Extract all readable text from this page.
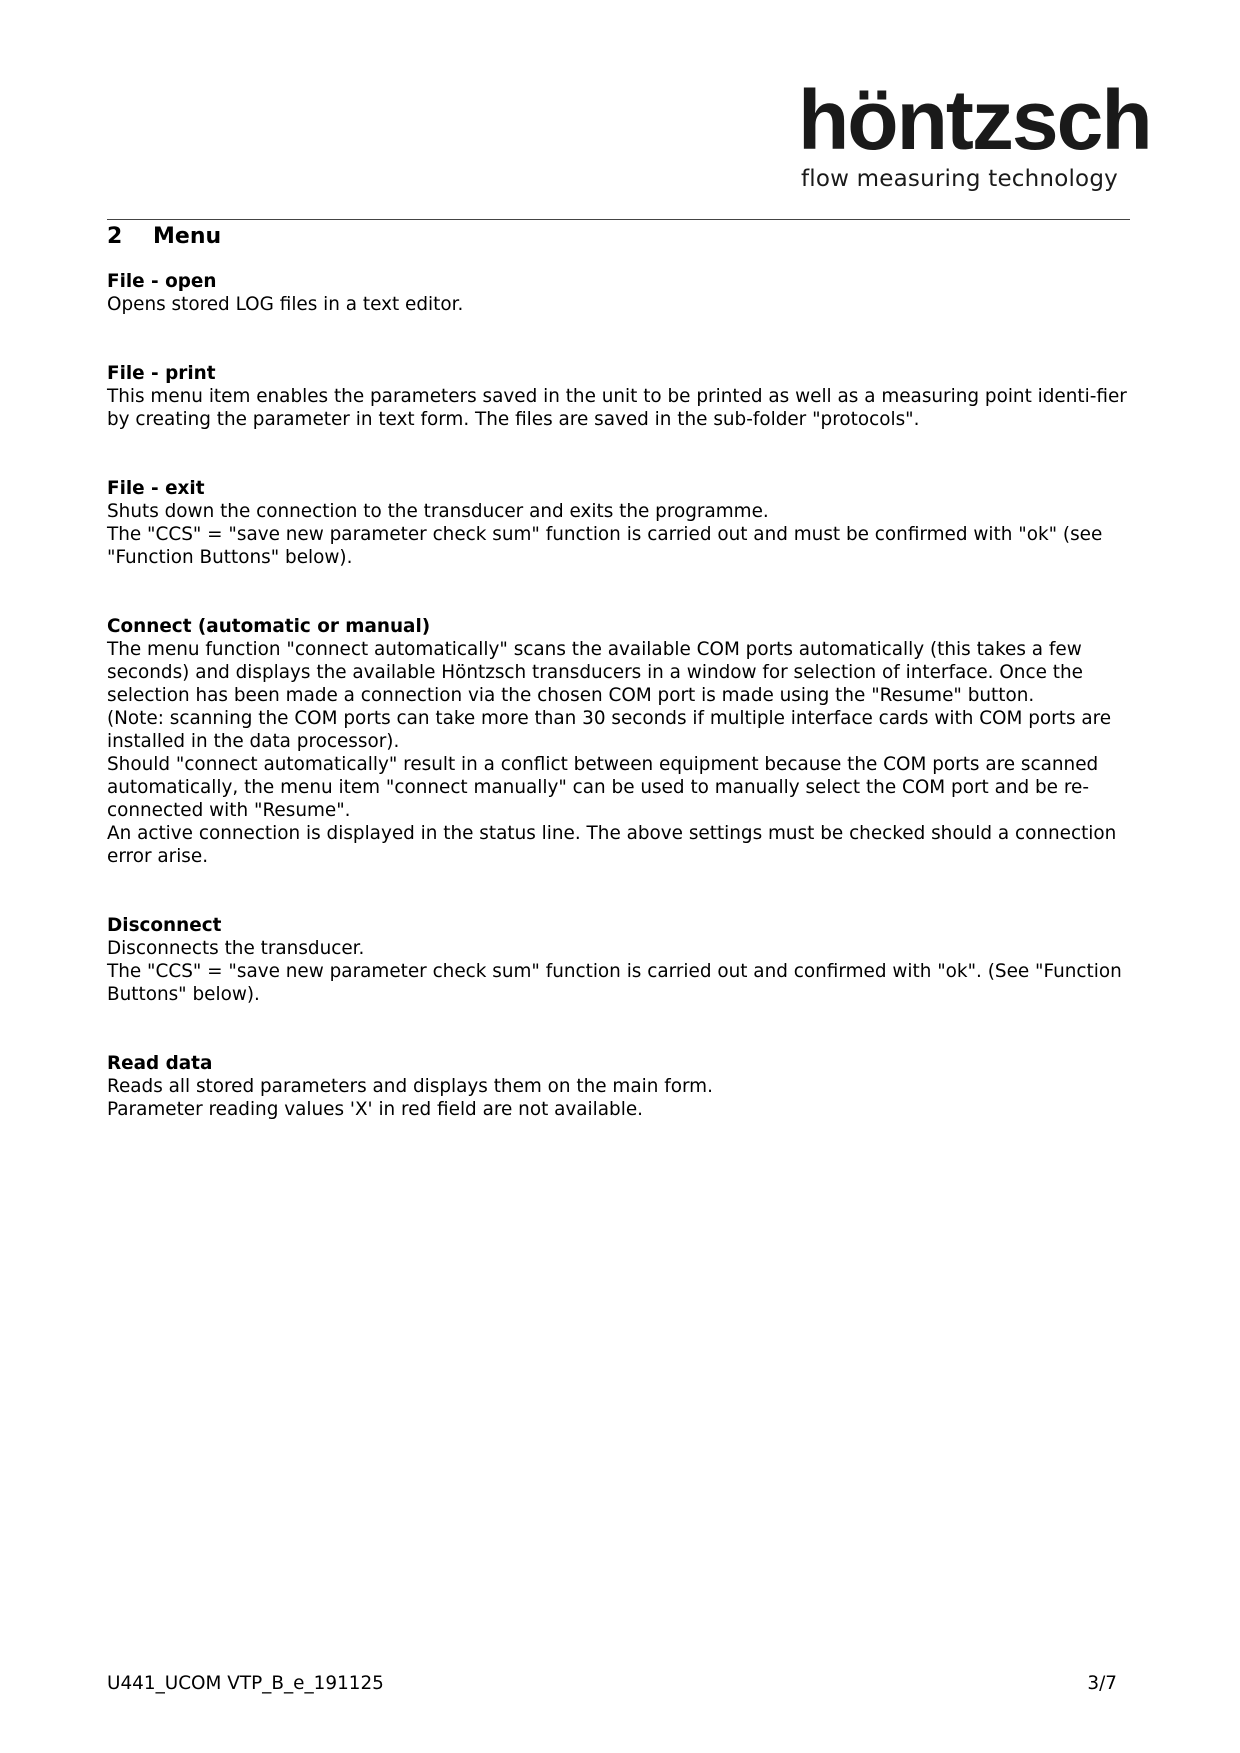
höntzsch
flow measuring technology
2 Menu

File - open

Opens stored LOG files in a text editor.

File - print

This menu item enables the parameters saved in the unit to be printed as well as a measuring point identi-fier by creating the parameter in text form. The files are saved in the sub-folder "protocols".

File - exit

Shuts down the connection to the transducer and exits the programme.

The "CCS" = "save new parameter check sum" function is carried out and must be confirmed with "ok" (see "Function Buttons" below).

Connect (automatic or manual)

The menu function "connect automatically" scans the available COM ports automatically (this takes a few seconds) and displays the available Höntzsch transducers in a window for selection of interface. Once the selection has been made a connection via the chosen COM port is made using the "Resume" button.

(Note: scanning the COM ports can take more than 30 seconds if multiple interface cards with COM ports are installed in the data processor).

Should "connect automatically" result in a conflict between equipment because the COM ports are scanned automatically, the menu item "connect manually" can be used to manually select the COM port and be re-connected with "Resume".

An active connection is displayed in the status line. The above settings must be checked should a connection error arise.

Disconnect

Disconnects the transducer.

The "CCS" = "save new parameter check sum" function is carried out and confirmed with "ok". (See "Function Buttons" below).

Read data

Reads all stored parameters and displays them on the main form.

Parameter reading values 'X' in red field are not available.

U441_UCOM VTP_B_e_191125	3/7
